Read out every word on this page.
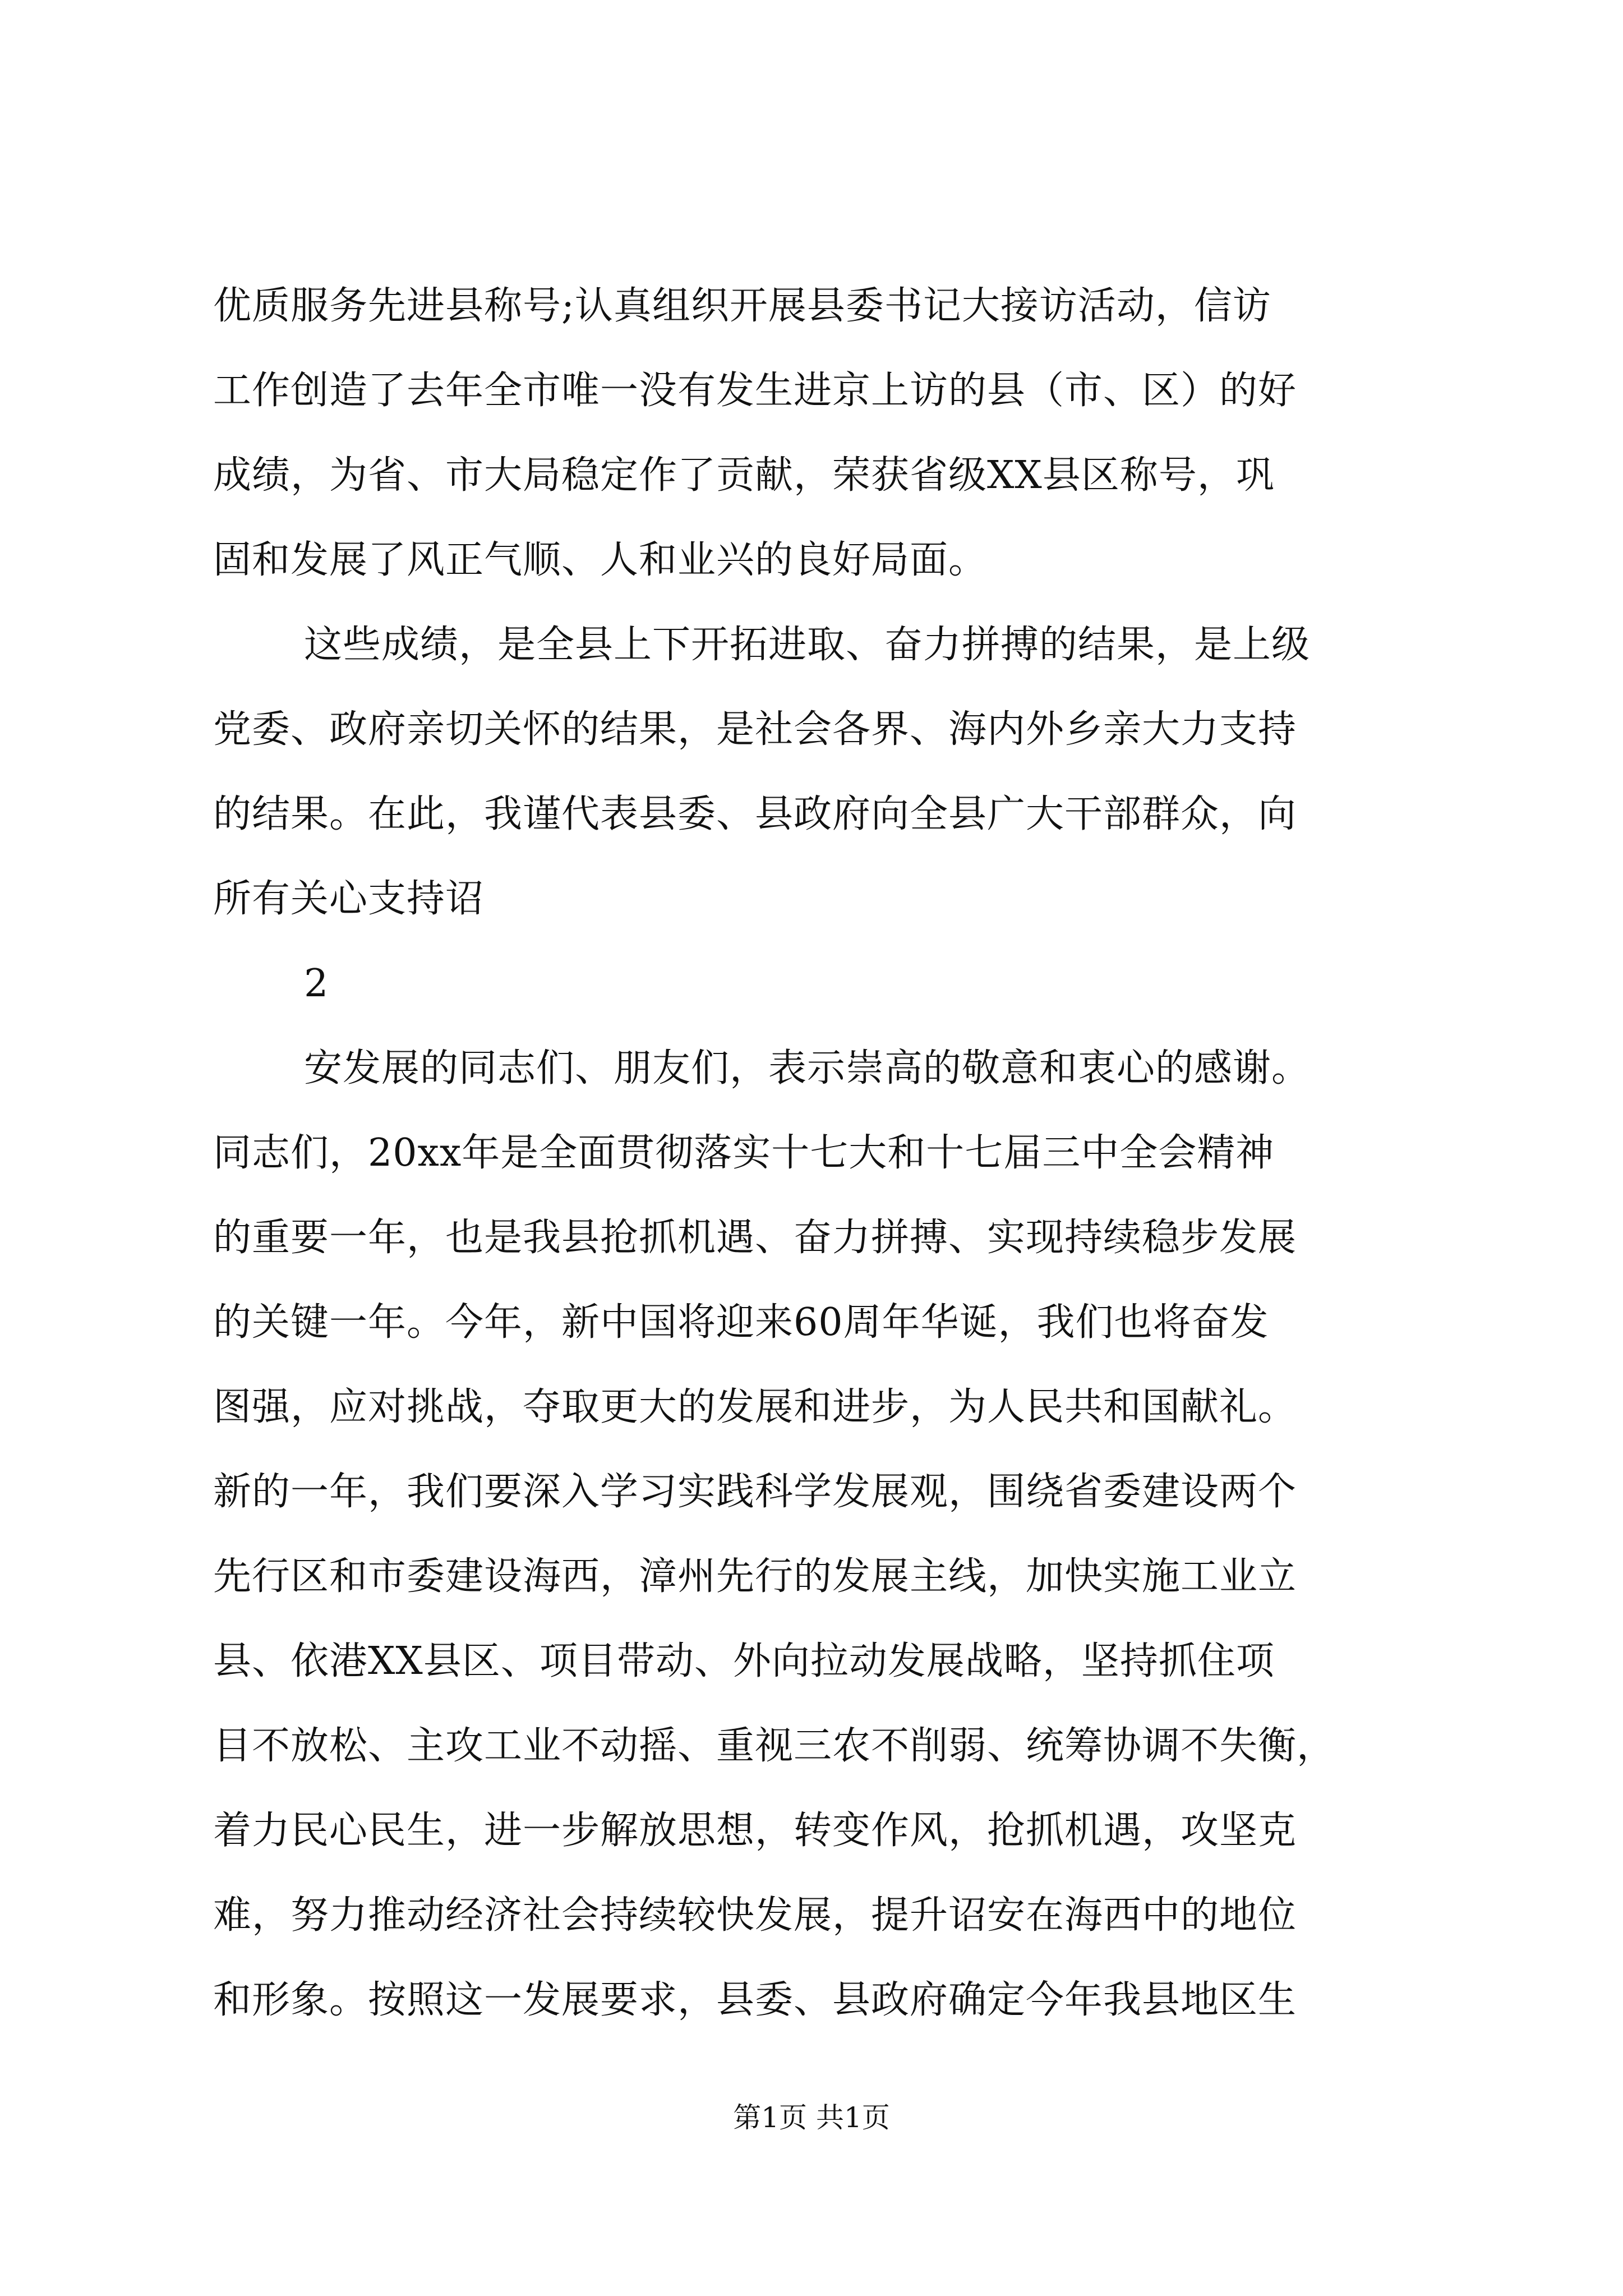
优质服务先进县称号;认真组织开展县委书记大接访活动，信访
工作创造了去年全市唯一没有发生进京上访的县（市、区）的好
成绩，为省、市大局稳定作了贡献，荣获省级XX县区称号，巩
固和发展了风正气顺、人和业兴的良好局面。
这些成绩，是全县上下开拓进取、奋力拼搏的结果，是上级
党委、政府亲切关怀的结果，是社会各界、海内外乡亲大力支持
的结果。在此，我谨代表县委、县政府向全县广大干部群众，向
所有关心支持诏
2
安发展的同志们、朋友们，表示崇高的敬意和衷心的感谢。
同志们，20xx年是全面贯彻落实十七大和十七届三中全会精神
的重要一年，也是我县抢抓机遇、奋力拼搏、实现持续稳步发展
的关键一年。今年，新中国将迎来60周年华诞，我们也将奋发
图强，应对挑战，夺取更大的发展和进步，为人民共和国献礼。
新的一年，我们要深入学习实践科学发展观，围绕省委建设两个
先行区和市委建设海西，漳州先行的发展主线，加快实施工业立
县、依港XX县区、项目带动、外向拉动发展战略，坚持抓住项
目不放松、主攻工业不动摇、重视三农不削弱、统筹协调不失衡，
着力民心民生，进一步解放思想，转变作风，抢抓机遇，攻坚克
难，努力推动经济社会持续较快发展，提升诏安在海西中的地位
和形象。按照这一发展要求，县委、县政府确定今年我县地区生
第1页 共1页
